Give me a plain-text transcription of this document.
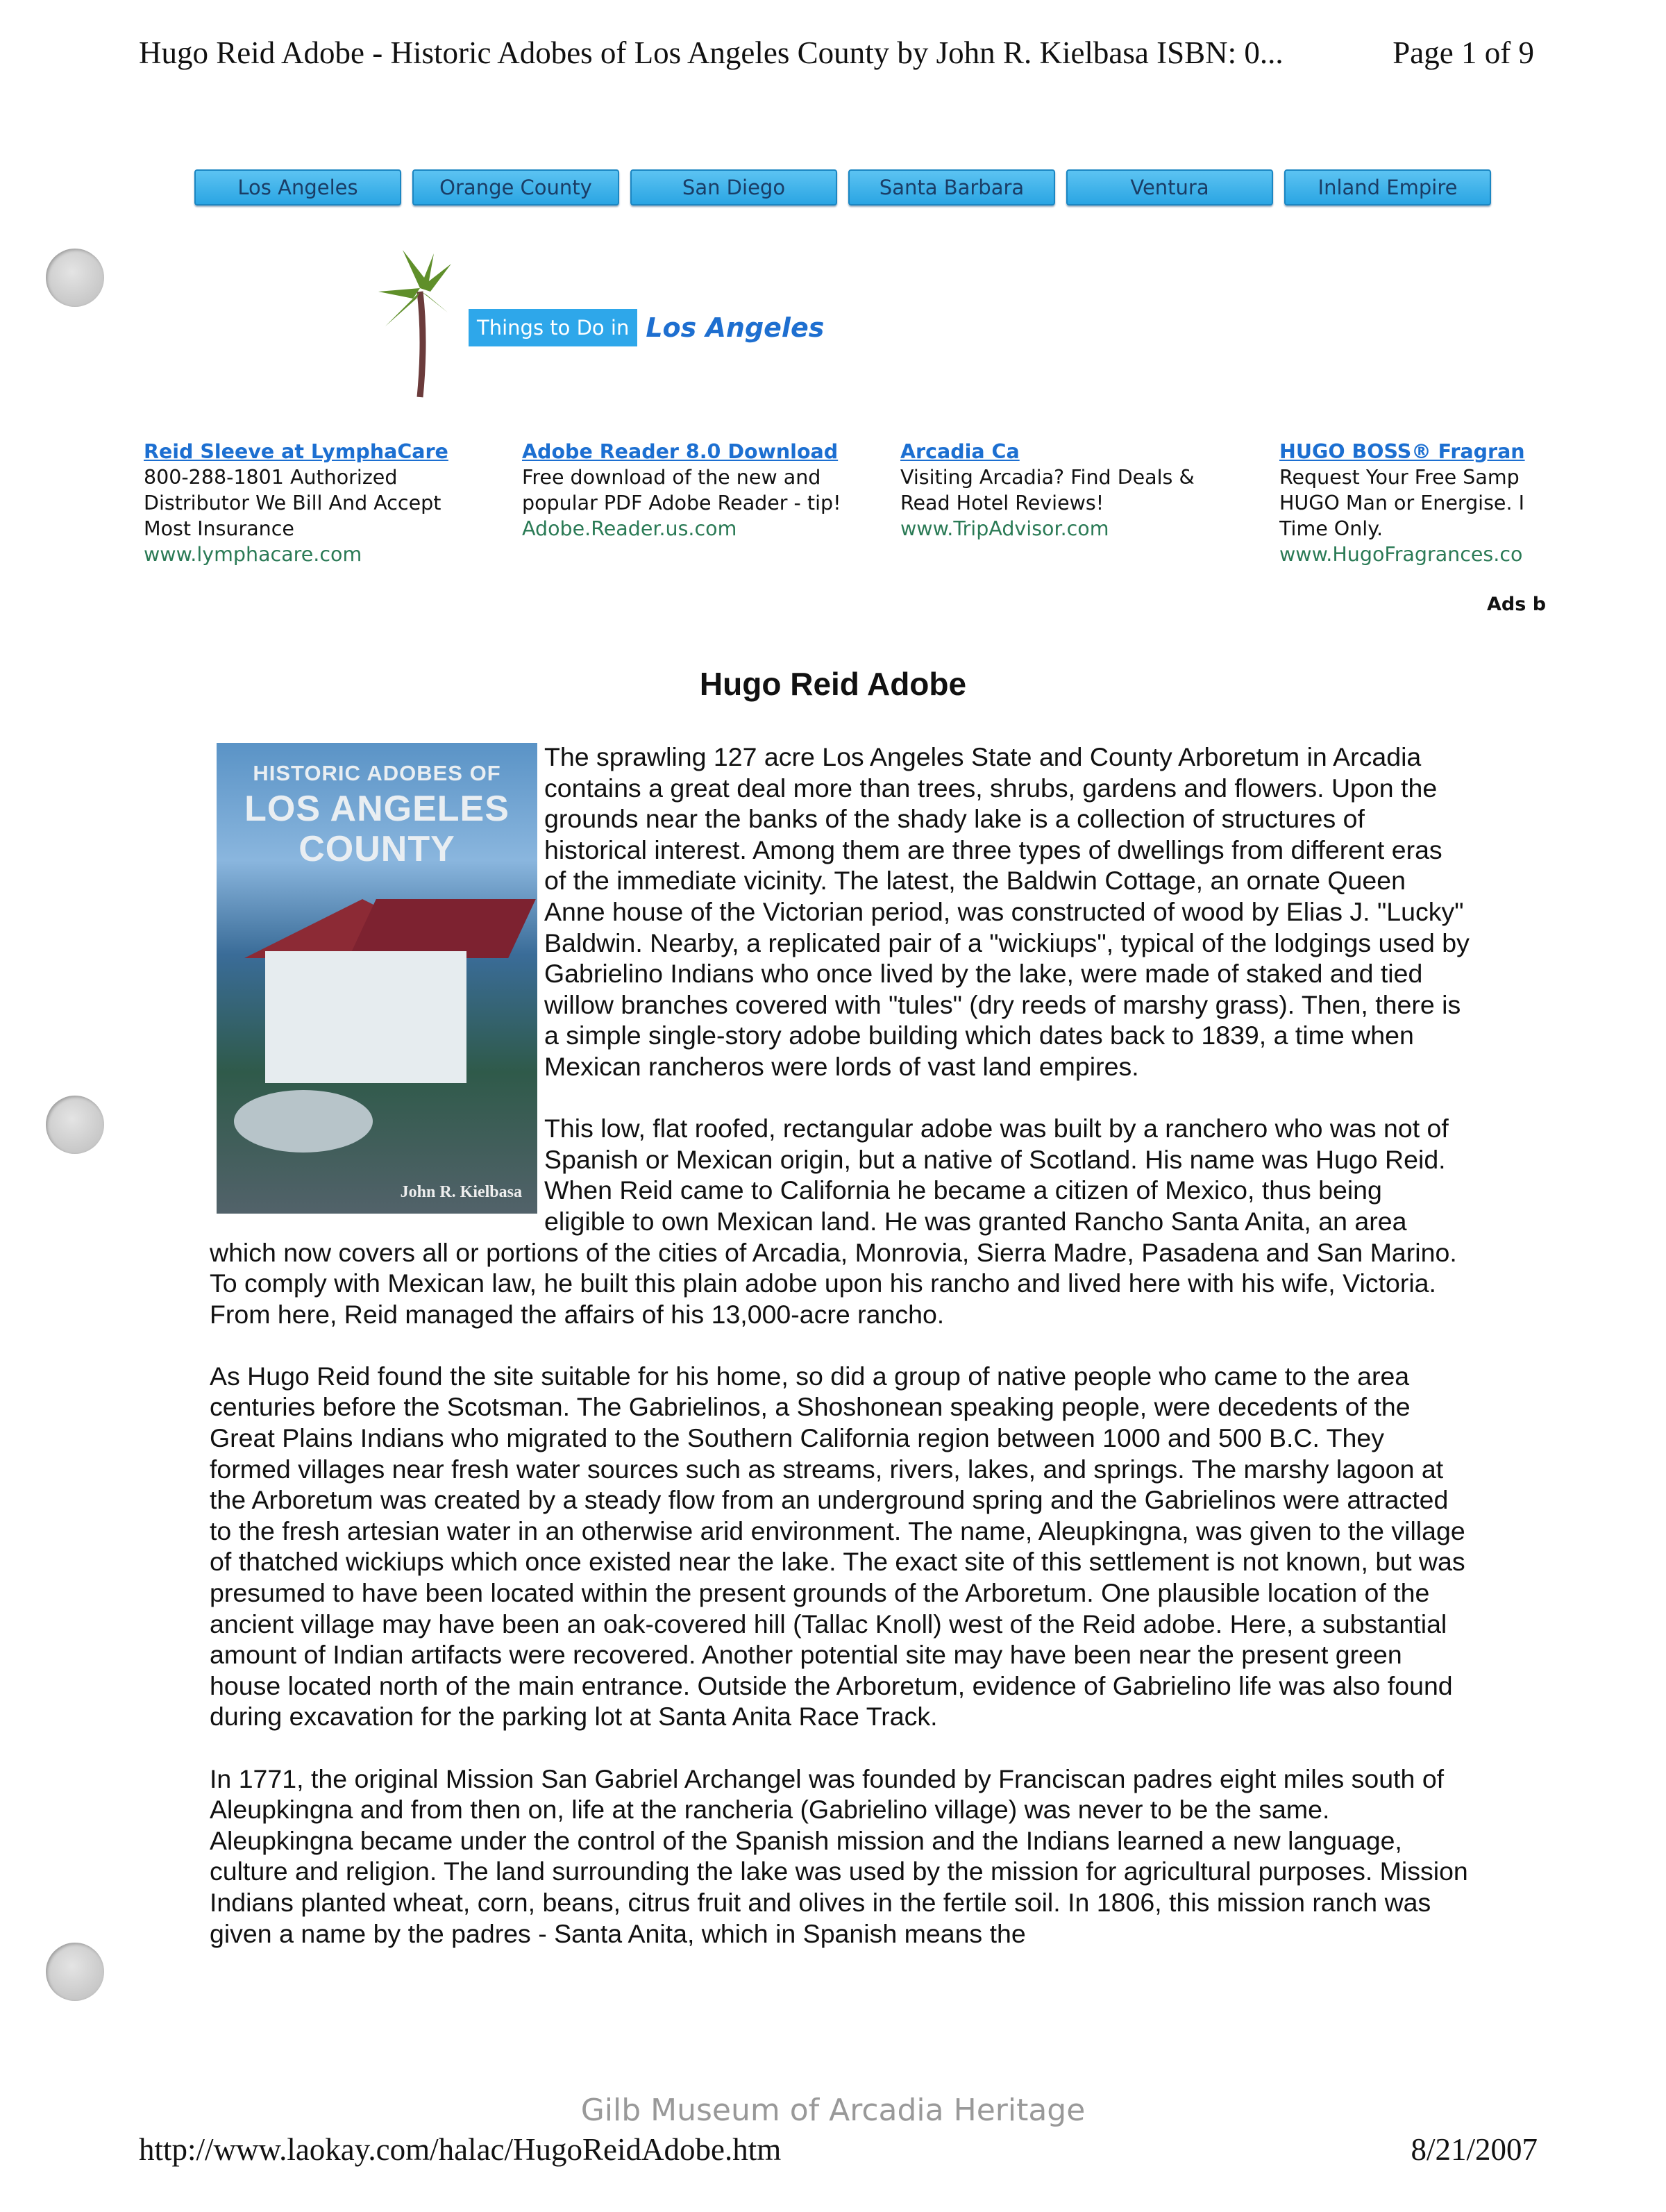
Hugo Reid Adobe - Historic Adobes of Los Angeles County by John R. Kielbasa ISBN: 0...	Page 1 of 9
Los Angeles	Orange County	San Diego	Santa Barbara	Ventura	Inland Empire
Things to Do in Los Angeles
Reid Sleeve at LymphaCare
800-288-1801 Authorized
Distributor We Bill And Accept
Most Insurance
www.lymphacare.com
Adobe Reader 8.0 Download
Free download of the new and
popular PDF Adobe Reader - tip!
Adobe.Reader.us.com
Arcadia Ca
Visiting Arcadia? Find Deals &
Read Hotel Reviews!
www.TripAdvisor.com
HUGO BOSS® Fragran
Request Your Free Samp
HUGO Man or Energise. I
Time Only.
www.HugoFragrances.co
Ads b
Hugo Reid Adobe
HISTORIC ADOBES OF
LOS ANGELES
COUNTY
John R. Kielbasa

The sprawling 127 acre Los Angeles State and County Arboretum in Arcadia contains a great deal more than trees, shrubs, gardens and flowers. Upon the grounds near the banks of the shady lake is a collection of structures of historical interest. Among them are three types of dwellings from different eras of the immediate vicinity. The latest, the Baldwin Cottage, an ornate Queen Anne house of the Victorian period, was constructed of wood by Elias J. "Lucky" Baldwin. Nearby, a replicated pair of a "wickiups", typical of the lodgings used by Gabrielino Indians who once lived by the lake, were made of staked and tied willow branches covered with "tules" (dry reeds of marshy grass). Then, there is a simple single-story adobe building which dates back to 1839, a time when Mexican rancheros were lords of vast land empires.

This low, flat roofed, rectangular adobe was built by a ranchero who was not of Spanish or Mexican origin, but a native of Scotland. His name was Hugo Reid. When Reid came to California he became a citizen of Mexico, thus being eligible to own Mexican land. He was granted Rancho Santa Anita, an area which now covers all or portions of the cities of Arcadia, Monrovia, Sierra Madre, Pasadena and San Marino. To comply with Mexican law, he built this plain adobe upon his rancho and lived here with his wife, Victoria. From here, Reid managed the affairs of his 13,000-acre rancho.

As Hugo Reid found the site suitable for his home, so did a group of native people who came to the area centuries before the Scotsman. The Gabrielinos, a Shoshonean speaking people, were decedents of the Great Plains Indians who migrated to the Southern California region between 1000 and 500 B.C. They formed villages near fresh water sources such as streams, rivers, lakes, and springs. The marshy lagoon at the Arboretum was created by a steady flow from an underground spring and the Gabrielinos were attracted to the fresh artesian water in an otherwise arid environment. The name, Aleupkingna, was given to the village of thatched wickiups which once existed near the lake. The exact site of this settlement is not known, but was presumed to have been located within the present grounds of the Arboretum. One plausible location of the ancient village may have been an oak-covered hill (Tallac Knoll) west of the Reid adobe. Here, a substantial amount of Indian artifacts were recovered. Another potential site may have been near the present green house located north of the main entrance. Outside the Arboretum, evidence of Gabrielino life was also found during excavation for the parking lot at Santa Anita Race Track.

In 1771, the original Mission San Gabriel Archangel was founded by Franciscan padres eight miles south of Aleupkingna and from then on, life at the rancheria (Gabrielino village) was never to be the same. Aleupkingna became under the control of the Spanish mission and the Indians learned a new language, culture and religion. The land surrounding the lake was used by the mission for agricultural purposes. Mission Indians planted wheat, corn, beans, citrus fruit and olives in the fertile soil. In 1806, this mission ranch was given a name by the padres - Santa Anita, which in Spanish means the

Gilb Museum of Arcadia Heritage
http://www.laokay.com/halac/HugoReidAdobe.htm	8/21/2007
